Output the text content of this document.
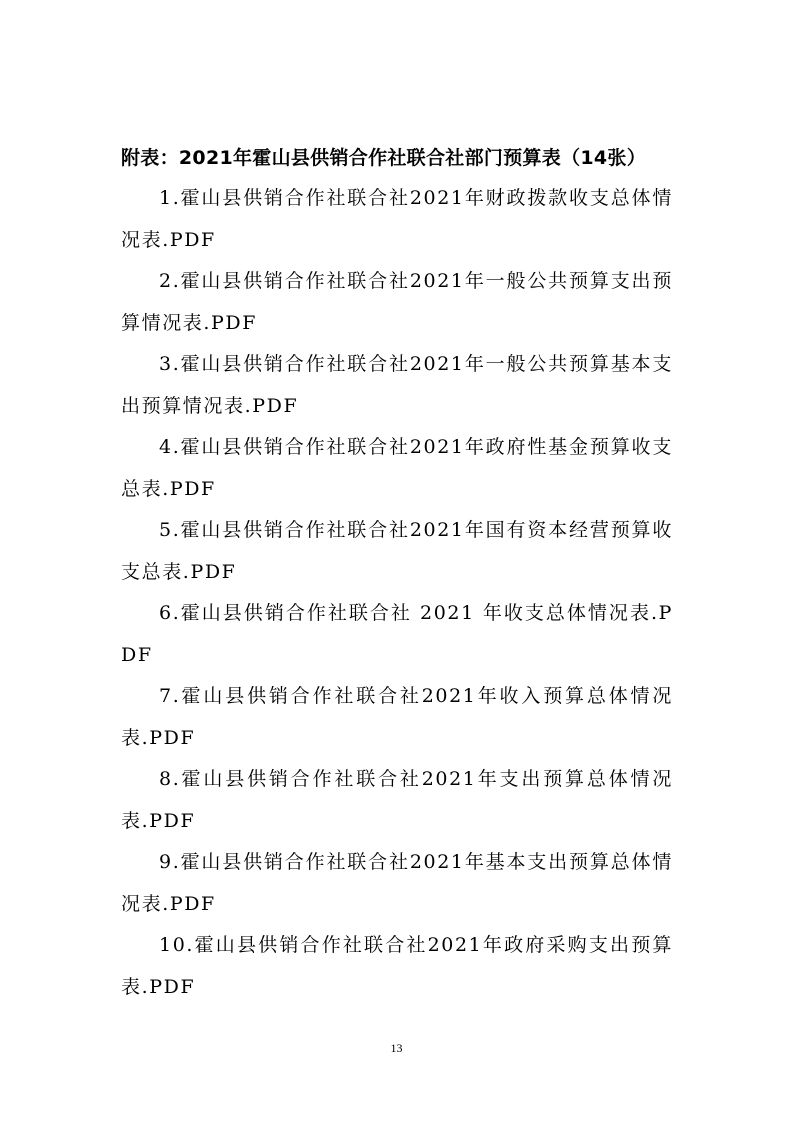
附表：2021年霍山县供销合作社联合社部门预算表（14张）
1.霍山县供销合作社联合社2021年财政拨款收支总体情况表.PDF
2.霍山县供销合作社联合社2021年一般公共预算支出预算情况表.PDF
3.霍山县供销合作社联合社2021年一般公共预算基本支出预算情况表.PDF
4.霍山县供销合作社联合社2021年政府性基金预算收支总表.PDF
5.霍山县供销合作社联合社2021年国有资本经营预算收支总表.PDF
6.霍山县供销合作社联合社 2021 年收支总体情况表.PDF
7.霍山县供销合作社联合社2021年收入预算总体情况表.PDF
8.霍山县供销合作社联合社2021年支出预算总体情况表.PDF
9.霍山县供销合作社联合社2021年基本支出预算总体情况表.PDF
10.霍山县供销合作社联合社2021年政府采购支出预算表.PDF
13
